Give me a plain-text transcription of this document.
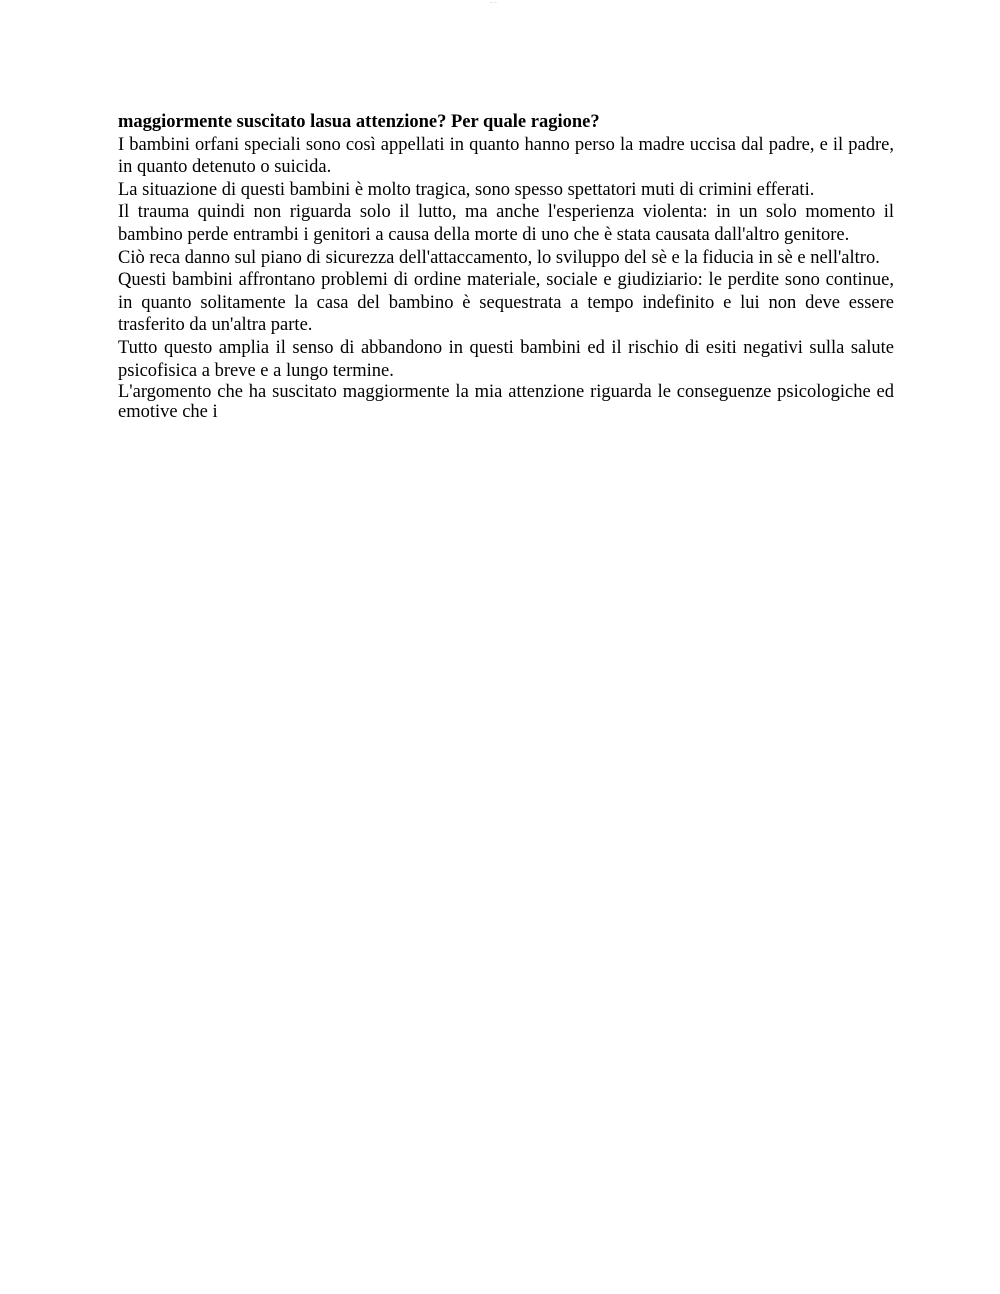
— —

maggiormente suscitato lasua attenzione? Per quale ragione?

I bambini orfani speciali sono così appellati in quanto hanno perso la madre uccisa dal padre, e il padre, in quanto detenuto o suicida.

La situazione di questi bambini è molto tragica, sono spesso spettatori muti di crimini efferati.

Il trauma quindi non riguarda solo il lutto, ma anche l'esperienza violenta: in un solo momento il bambino perde entrambi i genitori a causa della morte di uno che è stata causata dall'altro genitore.

Ciò reca danno sul piano di sicurezza dell'attaccamento, lo sviluppo del sè e la fiducia in sè e nell'altro.

Questi bambini affrontano problemi di ordine materiale, sociale e giudiziario: le perdite sono continue, in quanto solitamente la casa del bambino è sequestrata a tempo indefinito e lui non deve essere trasferito da un'altra parte.

Tutto questo amplia il senso di abbandono in questi bambini ed il rischio di esiti negativi sulla salute psicofisica a breve e a lungo termine.

L'argomento che ha suscitato maggiormente la mia attenzione riguarda le conseguenze psicologiche ed emotive che i
